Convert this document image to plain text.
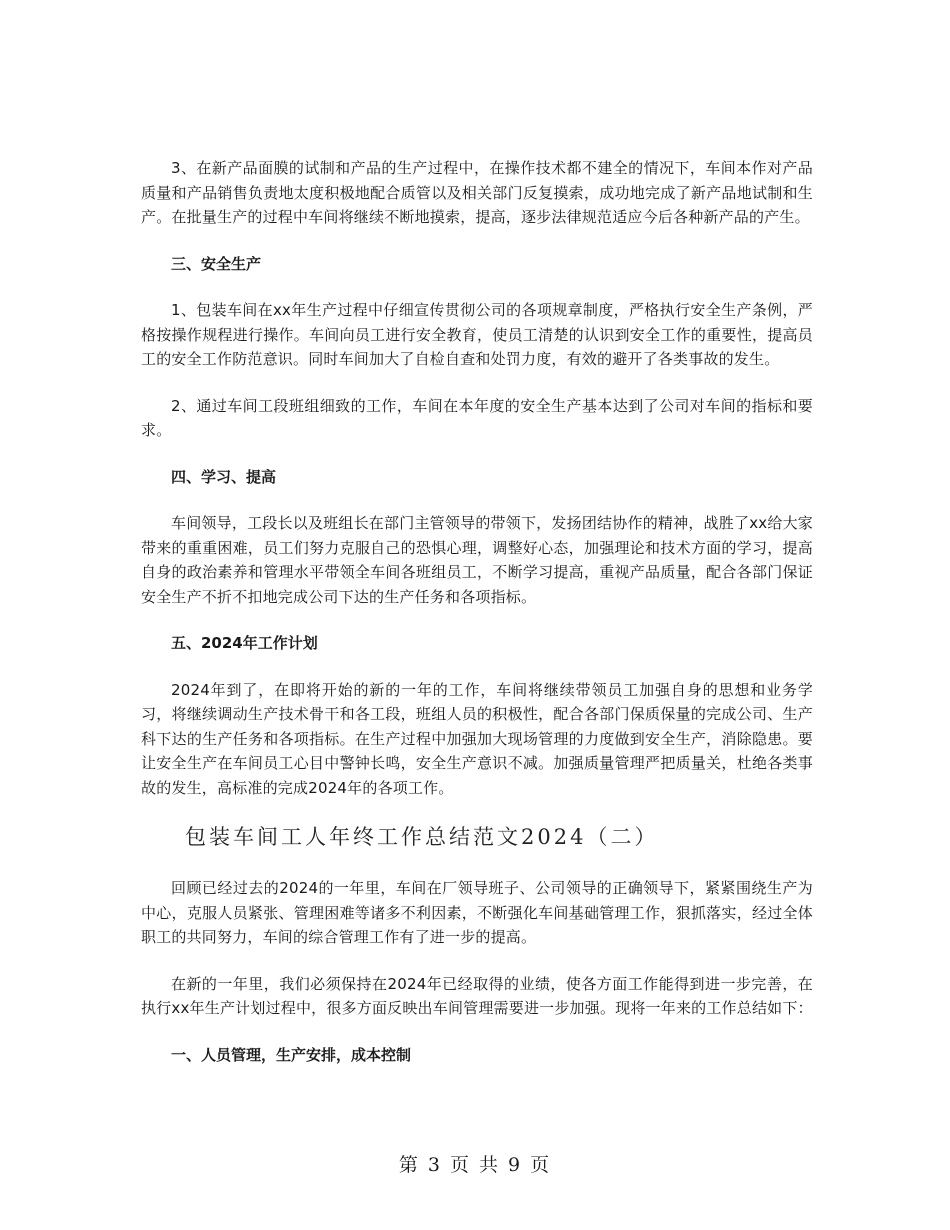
3、在新产品面膜的试制和产品的生产过程中，在操作技术都不建全的情况下，车间本作对产品质量和产品销售负责地太度积极地配合质管以及相关部门反复摸索，成功地完成了新产品地试制和生产。在批量生产的过程中车间将继续不断地摸索，提高，逐步法律规范适应今后各种新产品的产生。

三、安全生产

1、包装车间在xx年生产过程中仔细宣传贯彻公司的各项规章制度，严格执行安全生产条例，严格按操作规程进行操作。车间向员工进行安全教育，使员工清楚的认识到安全工作的重要性，提高员工的安全工作防范意识。同时车间加大了自检自查和处罚力度，有效的避开了各类事故的发生。

2、通过车间工段班组细致的工作，车间在本年度的安全生产基本达到了公司对车间的指标和要求。

四、学习、提高

车间领导，工段长以及班组长在部门主管领导的带领下，发扬团结协作的精神，战胜了xx给大家带来的重重困难，员工们努力克服自己的恐惧心理，调整好心态，加强理论和技术方面的学习，提高自身的政治素养和管理水平带领全车间各班组员工，不断学习提高，重视产品质量，配合各部门保证安全生产不折不扣地完成公司下达的生产任务和各项指标。

五、2024年工作计划

2024年到了，在即将开始的新的一年的工作，车间将继续带领员工加强自身的思想和业务学习，将继续调动生产技术骨干和各工段，班组人员的积极性，配合各部门保质保量的完成公司、生产科下达的生产任务和各项指标。在生产过程中加强加大现场管理的力度做到安全生产，消除隐患。要让安全生产在车间员工心目中警钟长鸣，安全生产意识不减。加强质量管理严把质量关，杜绝各类事故的发生，高标准的完成2024年的各项工作。

包装车间工人年终工作总结范文2024（二）

回顾已经过去的2024的一年里，车间在厂领导班子、公司领导的正确领导下，紧紧围绕生产为中心，克服人员紧张、管理困难等诸多不利因素，不断强化车间基础管理工作，狠抓落实，经过全体职工的共同努力，车间的综合管理工作有了进一步的提高。

在新的一年里，我们必须保持在2024年已经取得的业绩，使各方面工作能得到进一步完善，在执行xx年生产计划过程中，很多方面反映出车间管理需要进一步加强。现将一年来的工作总结如下：

一、人员管理，生产安排，成本控制

第 3 页 共 9 页
